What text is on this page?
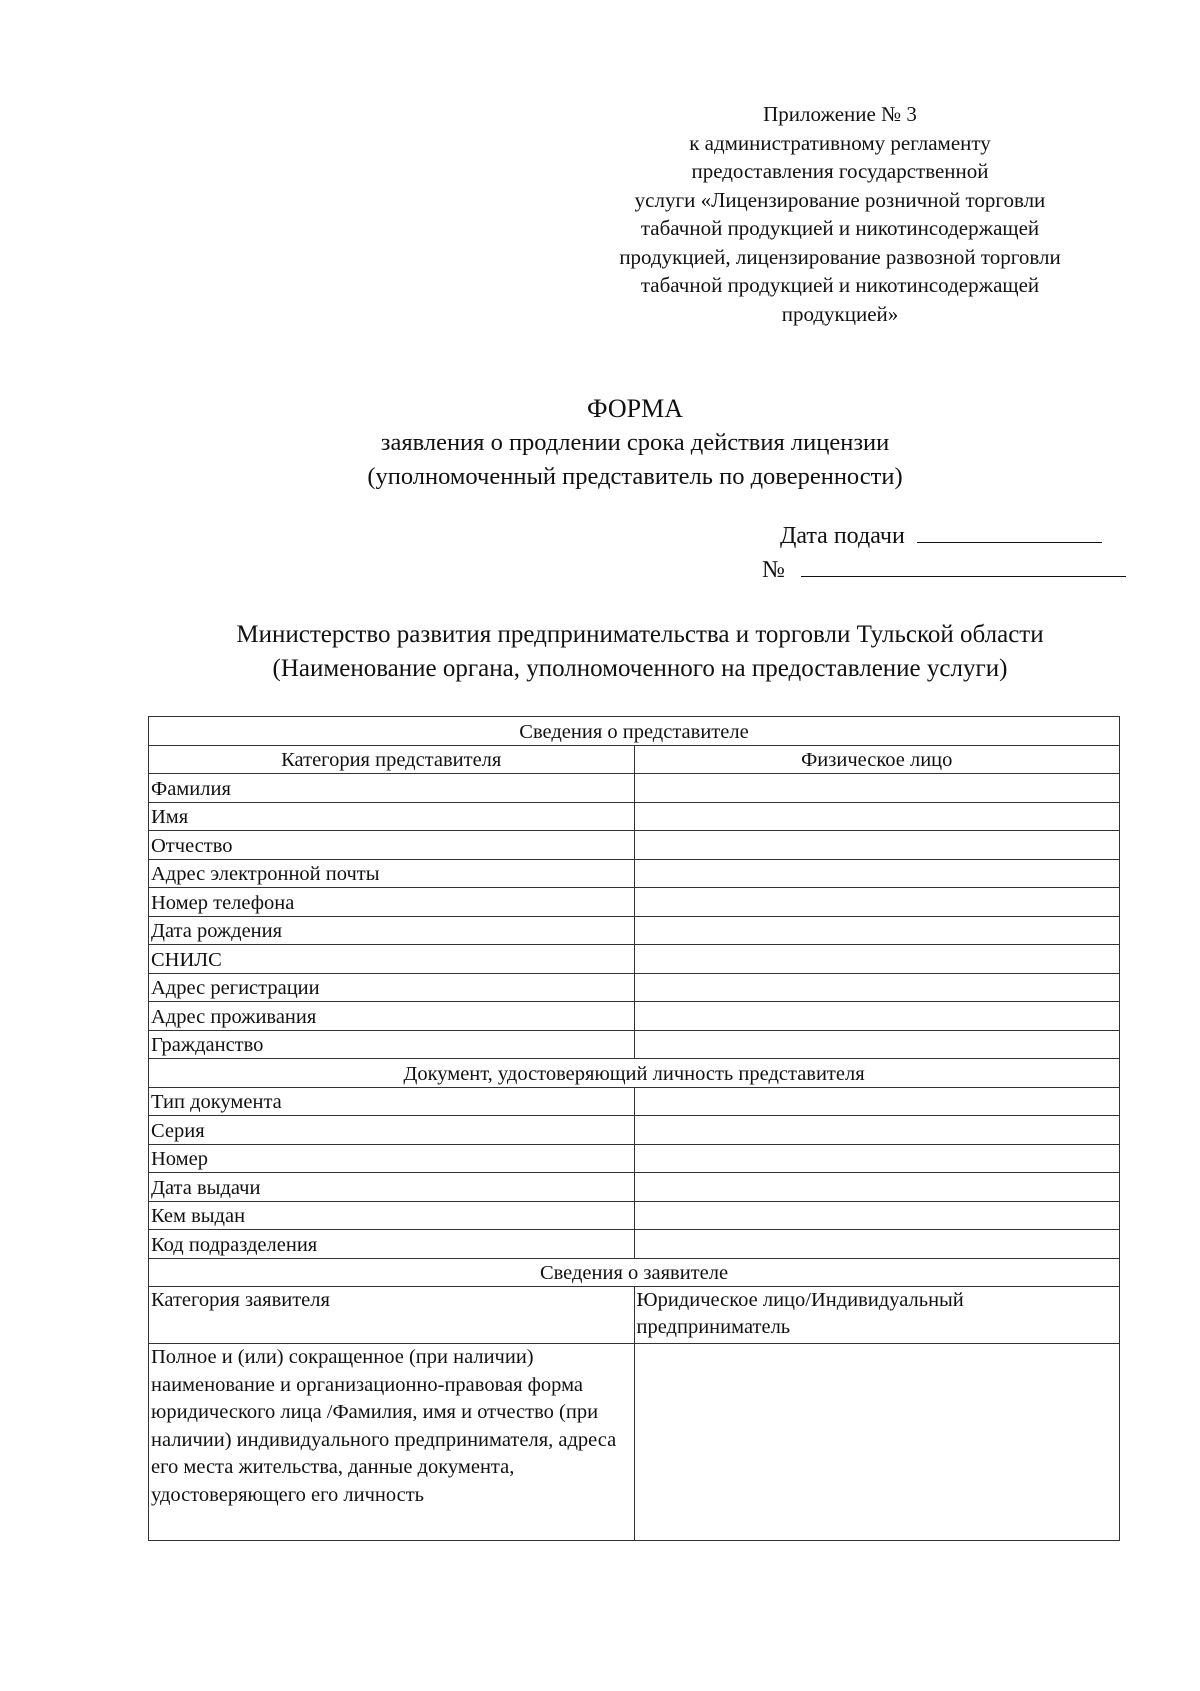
Приложение № 3
к административному регламенту
предоставления государственной
услуги «Лицензирование розничной торговли
табачной продукцией и никотинсодержащей
продукцией, лицензирование развозной торговли
табачной продукцией и никотинсодержащей
продукцией»
ФОРМА
заявления о продлении срока действия лицензии
(уполномоченный представитель по доверенности)
Дата подачи
№
Министерство развития предпринимательства и торговли Тульской области
(Наименование органа, уполномоченного на предоставление услуги)
Сведения о представителе	
Категория представителя	Физическое лицо
Фамилия	
Имя	
Отчество	
Адрес электронной почты	
Номер телефона	
Дата рождения	
СНИЛС	
Адрес регистрации	
Адрес проживания	
Гражданство	
Документ, удостоверяющий личность представителя	
Тип документа	
Серия	
Номер	
Дата выдачи	
Кем выдан	
Код подразделения	
Сведения о заявителе	
Категория заявителя	Юридическое лицо/Индивидуальный предприниматель
Полное и (или) сокращенное (при наличии) наименование и организационно-правовая форма юридического лица /Фамилия, имя и отчество (при наличии) индивидуального предпринимателя, адреса его места жительства, данные документа, удостоверяющего его личность	
